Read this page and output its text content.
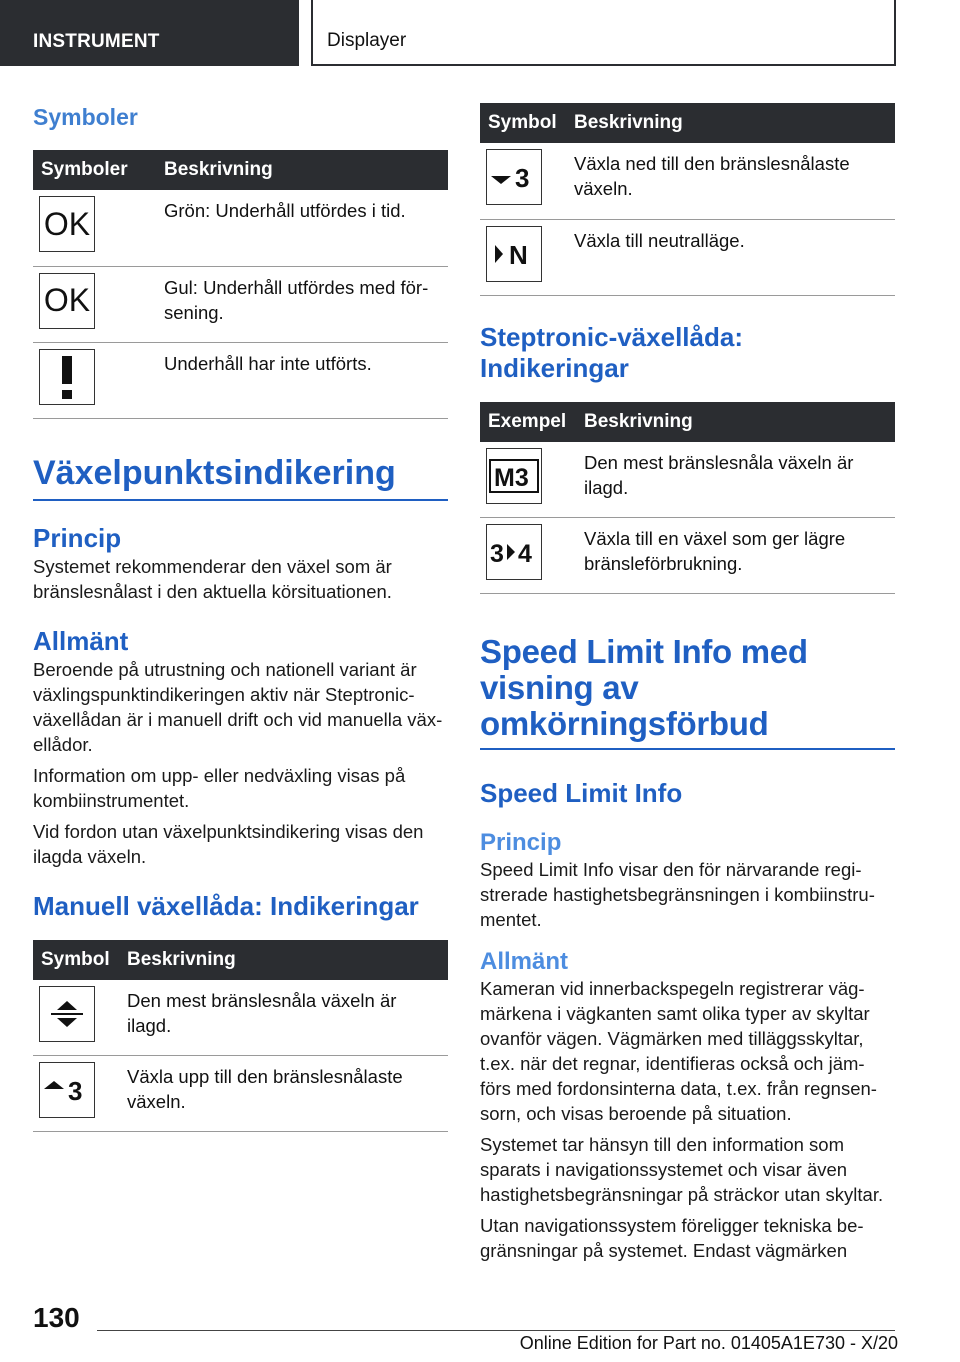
INSTRUMENT	Displayer
Symboler
Symboler	Beskrivning

OK	Grön: Underhåll utfördes i tid.

OK	Gul: Underhåll utfördes med för-sening.

	Underhåll har inte utförts.
Växelpunktsindikering
Princip

Systemet rekommenderar den växel som är bränslesnålast i den aktuella körsituationen.

Allmänt

Beroende på utrustning och nationell variant är växlingspunktindikeringen aktiv när Steptronic-växellådan är i manuell drift och vid manuella väx-ellådor.

Information om upp- eller nedväxling visas på kombiinstrumentet.

Vid fordon utan växelpunktsindikering visas den ilagda växeln.

Manuell växellåda: Indikeringar
Symbol	Beskrivning

	Den mest bränslesnåla växeln är ilagd.

3	Växla upp till den bränslesnålaste växeln.
Symbol	Beskrivning

3	Växla ned till den bränslesnålaste växeln.

N	Växla till neutralläge.
Steptronic-växellåda: Indikeringar
Exempel	Beskrivning

M3	Den mest bränslesnåla växeln är ilagd.

3 4	Växla till en växel som ger lägre bränsleförbrukning.
Speed Limit Info med visning av omkörningsförbud
Speed Limit Info
Princip

Speed Limit Info visar den för närvarande regi-strerade hastighetsbegränsningen i kombiinstru-mentet.

Allmänt

Kameran vid innerbackspegeln registrerar väg-märkena i vägkanten samt olika typer av skyltar ovanför vägen. Vägmärken med tilläggsskyltar, t.ex. när det regnar, identifieras också och jäm-förs med fordonsinterna data, t.ex. från regnsen-sorn, och visas beroende på situation.

Systemet tar hänsyn till den information som sparats i navigationssystemet och visar även hastighetsbegränsningar på sträckor utan skyltar.

Utan navigationssystem föreligger tekniska be-gränsningar på systemet. Endast vägmärken

130
Online Edition for Part no. 01405A1E730 - X/20
